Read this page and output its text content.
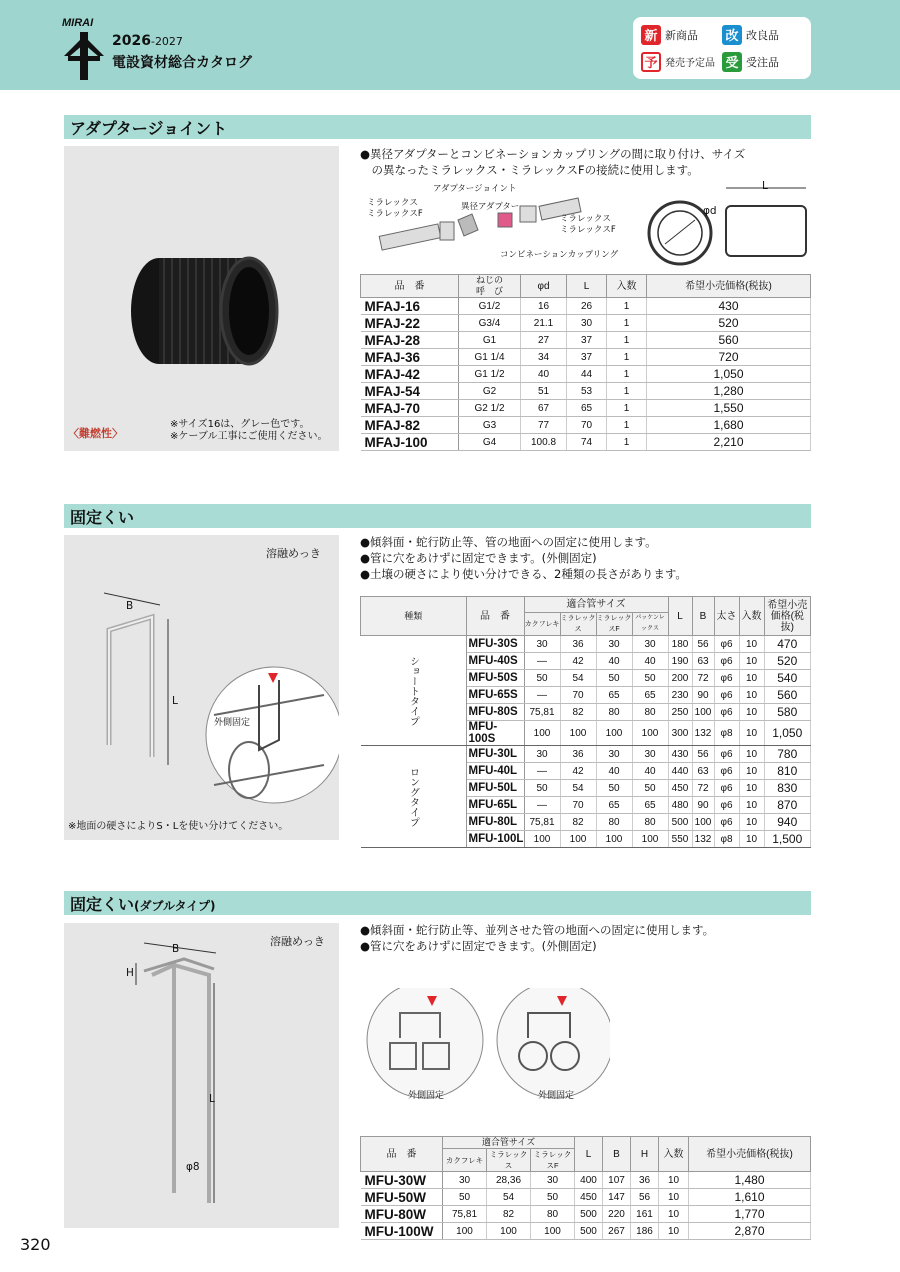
MIRAI
2026-2027
電設資材総合カタログ
新 新商品 改 改良品
予 発売予定品 受 受注品
アダプタージョイント
〈難燃性〉
※サイズ16は、グレー色です。
※ケーブル工事にご使用ください。
●異径アダプターとコンビネーションカップリングの間に取り付け、サイズ
　の異なったミラレックス・ミラレックスFの接続に使用します。
アダプタージョイント
異径アダプター
ミラレックス
ミラレックスF	ミラレックス
ミラレックスF
コンビネーションカップリング
L
φd
品　番	ねじの
呼　び	φd	L	入数	希望小売価格(税抜)
MFAJ-16	G1/2	16	26	1	430
MFAJ-22	G3/4	21.1	30	1	520
MFAJ-28	G1	27	37	1	560
MFAJ-36	G1 1/4	34	37	1	720
MFAJ-42	G1 1/2	40	44	1	1,050
MFAJ-54	G2	51	53	1	1,280
MFAJ-70	G2 1/2	67	65	1	1,550
MFAJ-82	G3	77	70	1	1,680
MFAJ-100	G4	100.8	74	1	2,210
固定くい
溶融めっき
外側固定
B
L
※地面の硬さによりS・Lを使い分けてください。
●傾斜面・蛇行防止等、管の地面への固定に使用します。
●管に穴をあけずに固定できます。(外側固定)
●土壌の硬さにより使い分けできる、2種類の長さがあります。
種類	品　番	適合管サイズ				L	B	太さ	入数	希望小売価格(税抜)
		カクフレキ	ミラレックス	ミラレックスF	パッケンレックス					
ショートタイプ	MFU-30S	30	36	30	30	180	56	φ6	10	470
	MFU-40S	—	42	40	40	190	63	φ6	10	520
	MFU-50S	50	54	50	50	200	72	φ6	10	540
	MFU-65S	—	70	65	65	230	90	φ6	10	560
	MFU-80S	75,81	82	80	80	250	100	φ6	10	580
	MFU-100S	100	100	100	100	300	132	φ8	10	1,050
ロングタイプ	MFU-30L	30	36	30	30	430	56	φ6	10	780
	MFU-40L	—	42	40	40	440	63	φ6	10	810
	MFU-50L	50	54	50	50	450	72	φ6	10	830
	MFU-65L	—	70	65	65	480	90	φ6	10	870
	MFU-80L	75,81	82	80	80	500	100	φ6	10	940
	MFU-100L	100	100	100	100	550	132	φ8	10	1,500
固定くい(ダブルタイプ)
溶融めっき
B
H
L
φ8
●傾斜面・蛇行防止等、並列させた管の地面への固定に使用します。
●管に穴をあけずに固定できます。(外側固定)
外側固定	外側固定
品　番	適合管サイズ			L	B	H	入数	希望小売価格(税抜)
	カクフレキ	ミラレックス	ミラレックスF					
MFU-30W	30	28,36	30	400	107	36	10	1,480
MFU-50W	50	54	50	450	147	56	10	1,610
MFU-80W	75,81	82	80	500	220	161	10	1,770
MFU-100W	100	100	100	500	267	186	10	2,870
320
